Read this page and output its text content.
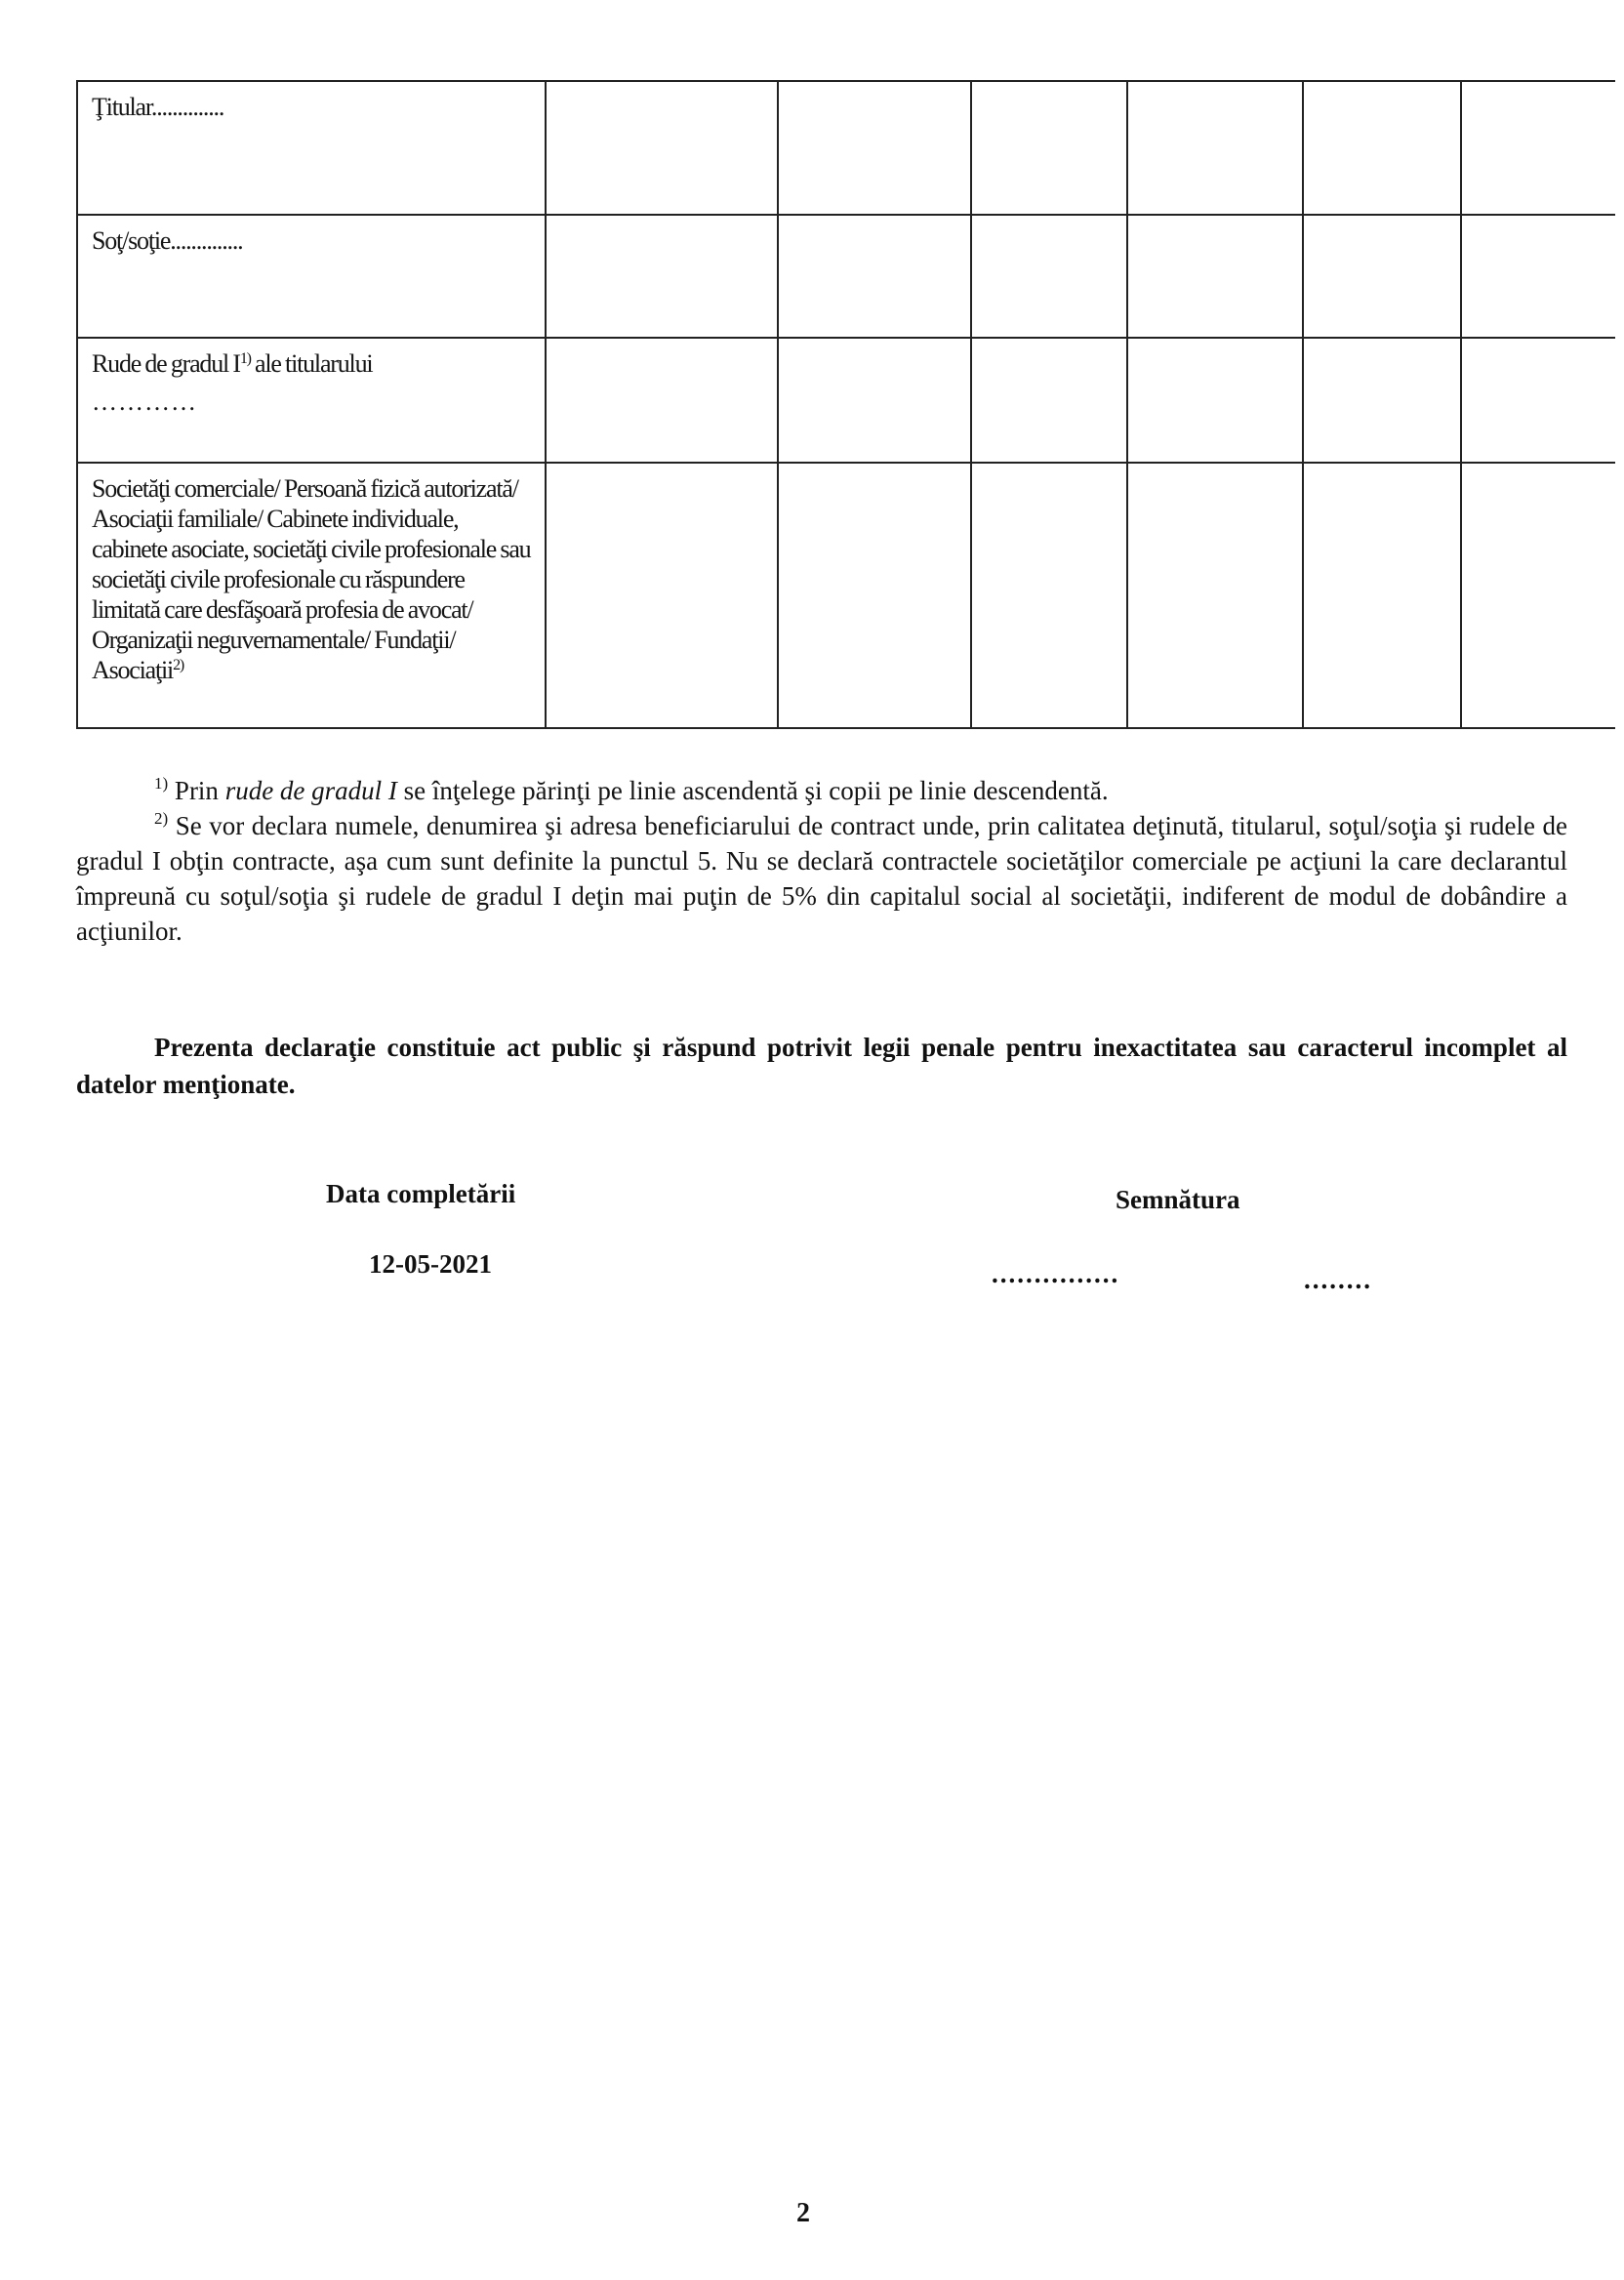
Ţitular..............						
Soţ/soţie..............						
Rude de gradul $I^{1)}$ ale titularului
…………						

Societăţi comerciale/ Persoană fizică autorizată/ Asociaţii familiale/ Cabinete individuale, cabinete asociate, societăţi civile profesionale sau societăţi civile profesionale cu răspundere limitată care desfăşoară profesia de avocat/ Organizaţii neguvernamentale/ Fundaţii/ Asociaţii$^{2)}$						

$^{1)}$ Prin rude de gradul I se înţelege părinţi pe linie ascendentă şi copii pe linie descendentă.

$^{2)}$ Se vor declara numele, denumirea şi adresa beneficiarului de contract unde, prin calitatea deţinută, titularul, soţul/soţia şi rudele de gradul I obţin contracte, aşa cum sunt definite la punctul 5. Nu se declară contractele societăţilor comerciale pe acţiuni la care declarantul împreună cu soţul/soţia şi rudele de gradul I deţin mai puţin de 5% din capitalul social al societăţii, indiferent de modul de dobândire a acţiunilor.

Prezenta declaraţie constituie act public şi răspund potrivit legii penale pentru inexactitatea sau caracterul incomplet al datelor menţionate.
Data completării
12-05-2021
Semnătura
...............	........
2
